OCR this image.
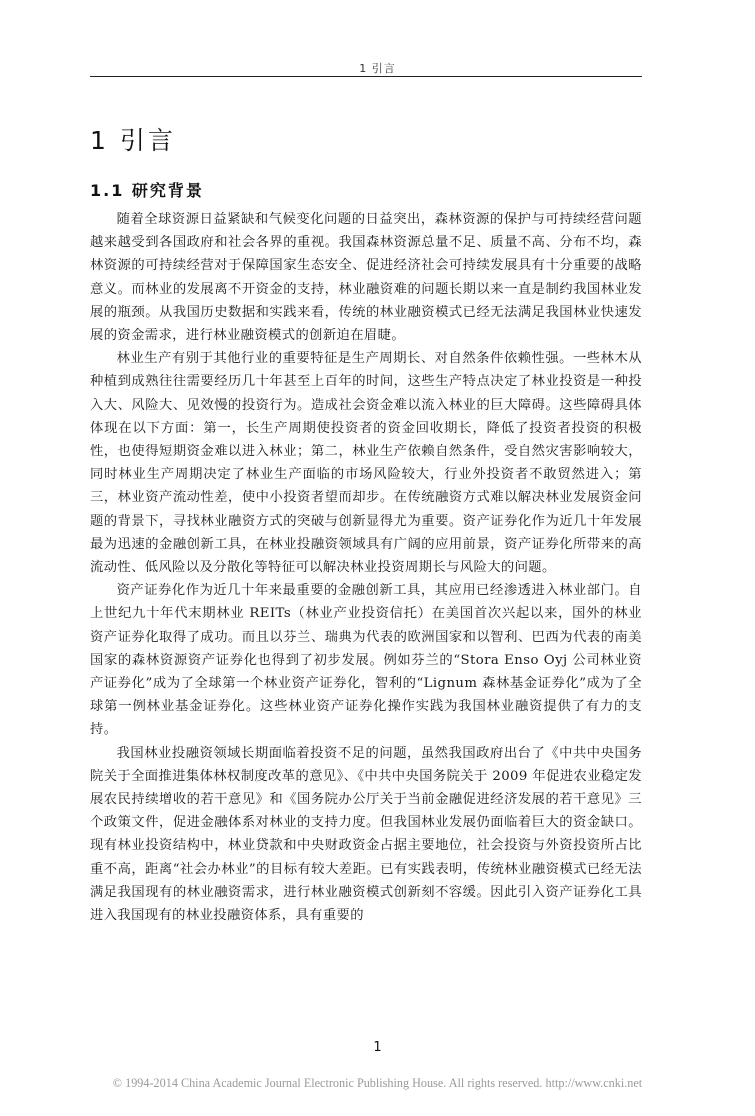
1 引言
1 引言
1.1 研究背景

随着全球资源日益紧缺和气候变化问题的日益突出，森林资源的保护与可持续经营问题越来越受到各国政府和社会各界的重视。我国森林资源总量不足、质量不高、分布不均，森林资源的可持续经营对于保障国家生态安全、促进经济社会可持续发展具有十分重要的战略意义。而林业的发展离不开资金的支持，林业融资难的问题长期以来一直是制约我国林业发展的瓶颈。从我国历史数据和实践来看，传统的林业融资模式已经无法满足我国林业快速发展的资金需求，进行林业融资模式的创新迫在眉睫。

林业生产有别于其他行业的重要特征是生产周期长、对自然条件依赖性强。一些林木从种植到成熟往往需要经历几十年甚至上百年的时间，这些生产特点决定了林业投资是一种投入大、风险大、见效慢的投资行为。造成社会资金难以流入林业的巨大障碍。这些障碍具体体现在以下方面：第一，长生产周期使投资者的资金回收期长，降低了投资者投资的积极性，也使得短期资金难以进入林业；第二，林业生产依赖自然条件，受自然灾害影响较大，同时林业生产周期决定了林业生产面临的市场风险较大，行业外投资者不敢贸然进入；第三，林业资产流动性差，使中小投资者望而却步。在传统融资方式难以解决林业发展资金问题的背景下，寻找林业融资方式的突破与创新显得尤为重要。资产证券化作为近几十年发展最为迅速的金融创新工具，在林业投融资领域具有广阔的应用前景，资产证券化所带来的高流动性、低风险以及分散化等特征可以解决林业投资周期长与风险大的问题。

资产证券化作为近几十年来最重要的金融创新工具，其应用已经渗透进入林业部门。自上世纪九十年代末期林业 REITs（林业产业投资信托）在美国首次兴起以来，国外的林业资产证券化取得了成功。而且以芬兰、瑞典为代表的欧洲国家和以智利、巴西为代表的南美国家的森林资源资产证券化也得到了初步发展。例如芬兰的“Stora Enso Oyj 公司林业资产证券化”成为了全球第一个林业资产证券化，智利的“Lignum 森林基金证券化”成为了全球第一例林业基金证券化。这些林业资产证券化操作实践为我国林业融资提供了有力的支持。

我国林业投融资领域长期面临着投资不足的问题，虽然我国政府出台了《中共中央国务院关于全面推进集体林权制度改革的意见》、《中共中央国务院关于 2009 年促进农业稳定发展农民持续增收的若干意见》和《国务院办公厅关于当前金融促进经济发展的若干意见》三个政策文件，促进金融体系对林业的支持力度。但我国林业发展仍面临着巨大的资金缺口。现有林业投资结构中，林业贷款和中央财政资金占据主要地位，社会投资与外资投资所占比重不高，距离“社会办林业”的目标有较大差距。已有实践表明，传统林业融资模式已经无法满足我国现有的林业融资需求，进行林业融资模式创新刻不容缓。因此引入资产证券化工具进入我国现有的林业投融资体系，具有重要的

1
© 1994-2014 China Academic Journal Electronic Publishing House. All rights reserved. http://www.cnki.net
